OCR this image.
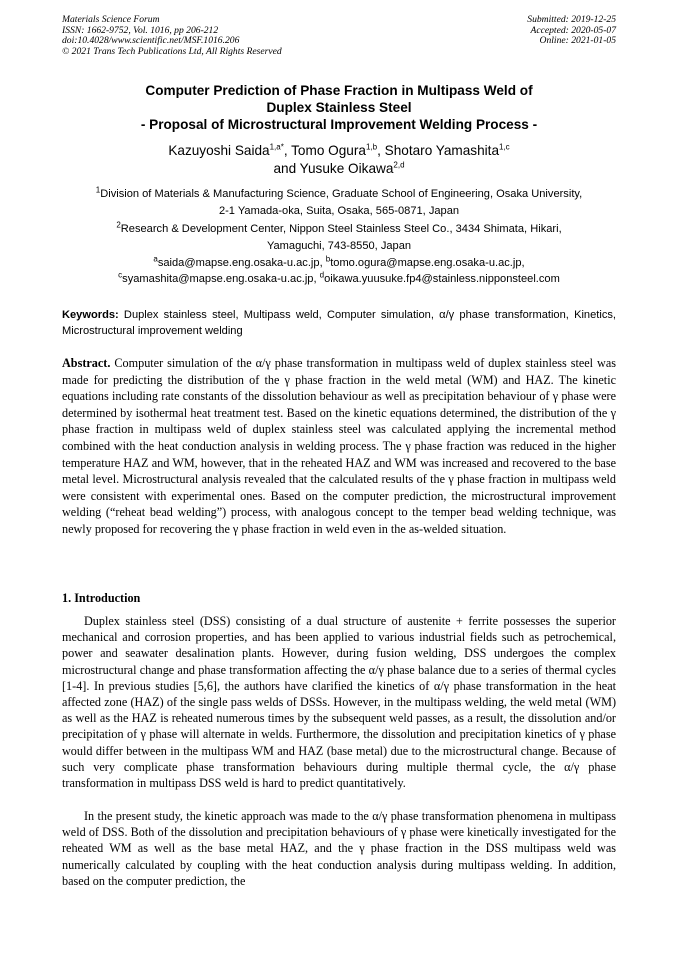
Materials Science Forum
ISSN: 1662-9752, Vol. 1016, pp 206-212
doi:10.4028/www.scientific.net/MSF.1016.206
© 2021 Trans Tech Publications Ltd, All Rights Reserved
Submitted: 2019-12-25
Accepted: 2020-05-07
Online: 2021-01-05
Computer Prediction of Phase Fraction in Multipass Weld of
Duplex Stainless Steel
- Proposal of Microstructural Improvement Welding Process -
Kazuyoshi Saida$^{1,a*}$, Tomo Ogura$^{1,b}$, Shotaro Yamashita$^{1,c}$
and Yusuke Oikawa$^{2,d}$
$^1$Division of Materials & Manufacturing Science, Graduate School of Engineering, Osaka University,
2-1 Yamada-oka, Suita, Osaka, 565-0871, Japan
$^2$Research & Development Center, Nippon Steel Stainless Steel Co., 3434 Shimata, Hikari,
Yamaguchi, 743-8550, Japan
$^a$saida@mapse.eng.osaka-u.ac.jp, $^b$tomo.ogura@mapse.eng.osaka-u.ac.jp,
$^c$syamashita@mapse.eng.osaka-u.ac.jp, $^d$oikawa.yuusuke.fp4@stainless.nipponsteel.com
Keywords: Duplex stainless steel, Multipass weld, Computer simulation, α/γ phase transformation, Kinetics, Microstructural improvement welding

Abstract. Computer simulation of the α/γ phase transformation in multipass weld of duplex stainless steel was made for predicting the distribution of the γ phase fraction in the weld metal (WM) and HAZ. The kinetic equations including rate constants of the dissolution behaviour as well as precipitation behaviour of γ phase were determined by isothermal heat treatment test. Based on the kinetic equations determined, the distribution of the γ phase fraction in multipass weld of duplex stainless steel was calculated applying the incremental method combined with the heat conduction analysis in welding process. The γ phase fraction was reduced in the higher temperature HAZ and WM, however, that in the reheated HAZ and WM was increased and recovered to the base metal level. Microstructural analysis revealed that the calculated results of the γ phase fraction in multipass weld were consistent with experimental ones. Based on the computer prediction, the microstructural improvement welding (“reheat bead welding”) process, with analogous concept to the temper bead welding technique, was newly proposed for recovering the γ phase fraction in weld even in the as-welded situation.

1. Introduction

Duplex stainless steel (DSS) consisting of a dual structure of austenite + ferrite possesses the superior mechanical and corrosion properties, and has been applied to various industrial fields such as petrochemical, power and seawater desalination plants. However, during fusion welding, DSS undergoes the complex microstructural change and phase transformation affecting the α/γ phase balance due to a series of thermal cycles [1-4]. In previous studies [5,6], the authors have clarified the kinetics of α/γ phase transformation in the heat affected zone (HAZ) of the single pass welds of DSSs. However, in the multipass welding, the weld metal (WM) as well as the HAZ is reheated numerous times by the subsequent weld passes, as a result, the dissolution and/or precipitation of γ phase will alternate in welds. Furthermore, the dissolution and precipitation kinetics of γ phase would differ between in the multipass WM and HAZ (base metal) due to the microstructural change. Because of such very complicate phase transformation behaviours during multiple thermal cycle, the α/γ phase transformation in multipass DSS weld is hard to predict quantitatively.

In the present study, the kinetic approach was made to the α/γ phase transformation phenomena in multipass weld of DSS. Both of the dissolution and precipitation behaviours of γ phase were kinetically investigated for the reheated WM as well as the base metal HAZ, and the γ phase fraction in the DSS multipass weld was numerically calculated by coupling with the heat conduction analysis during multipass welding. In addition, based on the computer prediction, the
